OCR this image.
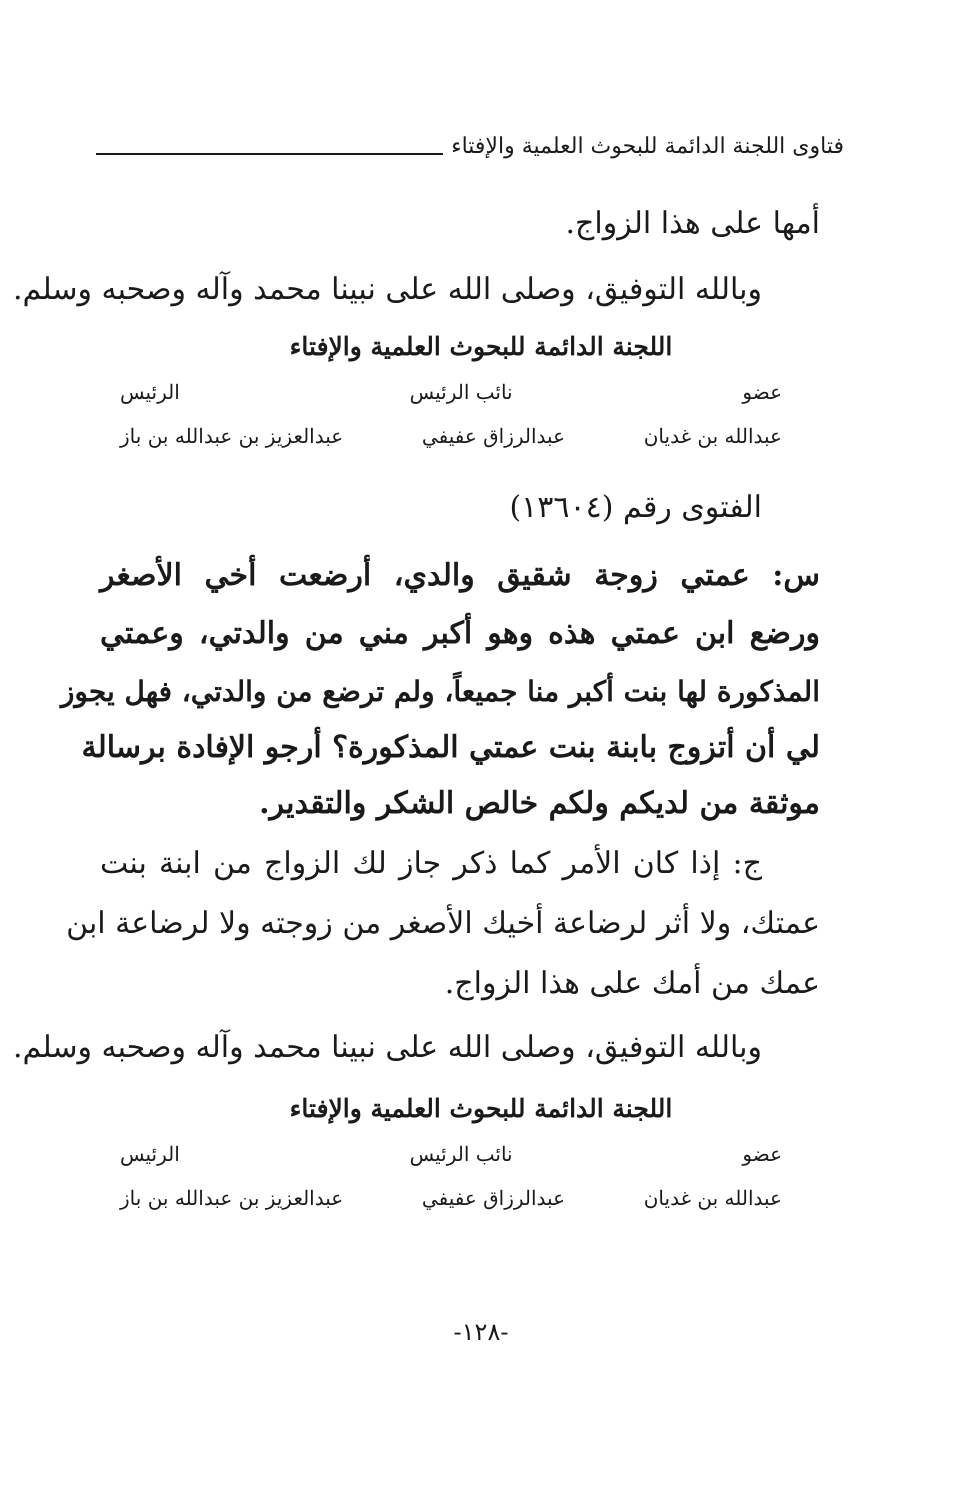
فتاوى اللجنة الدائمة للبحوث العلمية والإفتاء
أمها على هذا الزواج.
وبالله التوفيق، وصلى الله على نبينا محمد وآله وصحبه وسلم.
اللجنة الدائمة للبحوث العلمية والإفتاء
عضو
نائب الرئيس
الرئيس
عبدالله بن غديان
عبدالرزاق عفيفي
عبدالعزيز بن عبدالله بن باز
الفتوى رقم (١٣٦٠٤)
س: عمتي زوجة شقيق والدي، أرضعت أخي الأصغر
ورضع ابن عمتي هذه وهو أكبر مني من والدتي، وعمتي
المذكورة لها بنت أكبر منا جميعاً، ولم ترضع من والدتي، فهل يجوز
لي أن أتزوج بابنة بنت عمتي المذكورة؟ أرجو الإفادة برسالة
موثقة من لديكم ولكم خالص الشكر والتقدير.
ج: إذا كان الأمر كما ذكر جاز لك الزواج من ابنة بنت
عمتك، ولا أثر لرضاعة أخيك الأصغر من زوجته ولا لرضاعة ابن
عمك من أمك على هذا الزواج.
وبالله التوفيق، وصلى الله على نبينا محمد وآله وصحبه وسلم.
اللجنة الدائمة للبحوث العلمية والإفتاء
عضو
نائب الرئيس
الرئيس
عبدالله بن غديان
عبدالرزاق عفيفي
عبدالعزيز بن عبدالله بن باز
-١٢٨-
